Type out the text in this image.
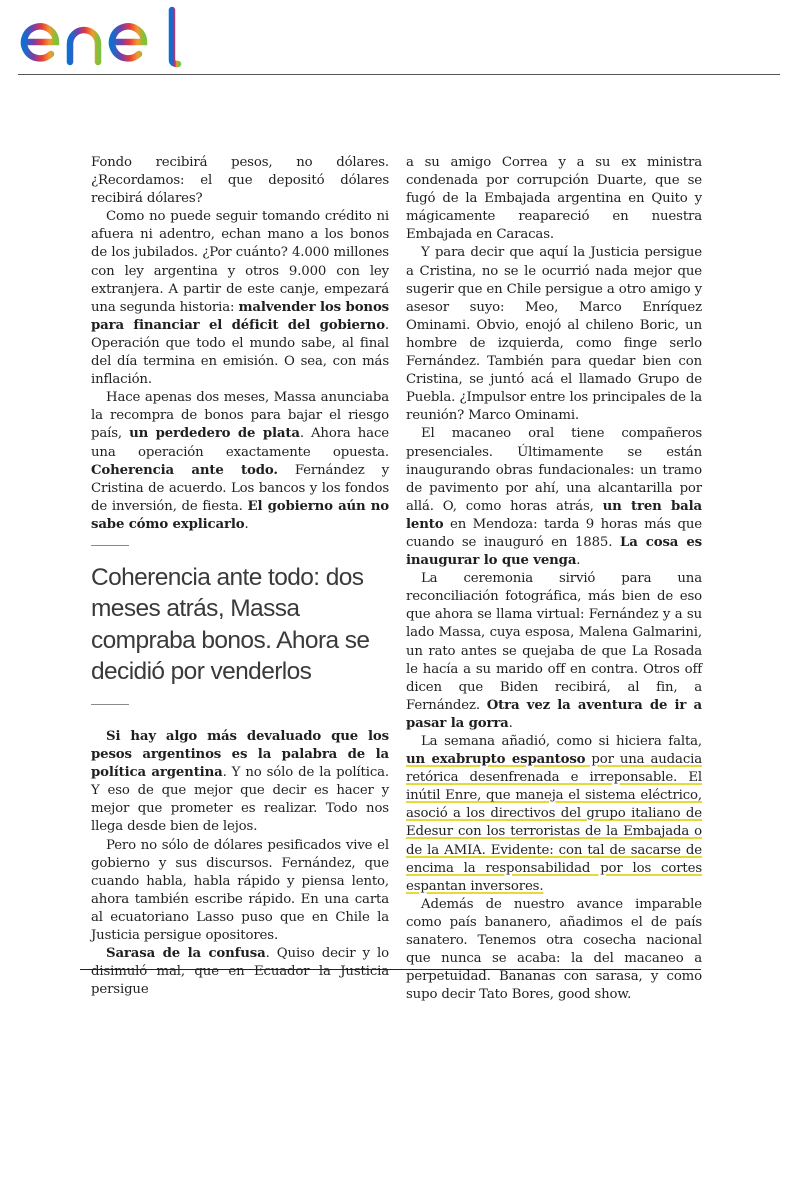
Fondo recibirá pesos, no dólares. ¿Recordamos: el que depositó dólares recibirá dólares?

Como no puede seguir tomando crédito ni afuera ni adentro, echan mano a los bonos de los jubilados. ¿Por cuánto? 4.000 millones con ley argentina y otros 9.000 con ley extranjera. A partir de este canje, empezará una segunda historia: malvender los bonos para financiar el déficit del gobierno. Operación que todo el mundo sabe, al final del día termina en emisión. O sea, con más inflación.

Hace apenas dos meses, Massa anunciaba la recompra de bonos para bajar el riesgo país, un perdedero de plata. Ahora hace una operación exactamente opuesta. Coherencia ante todo. Fernández y Cristina de acuerdo. Los bancos y los fondos de inversión, de fiesta. El gobierno aún no sabe cómo explicarlo.

Coherencia ante todo: dos meses atrás, Massa compraba bonos. Ahora se decidió por venderlos

Si hay algo más devaluado que los pesos argentinos es la palabra de la política argentina. Y no sólo de la política. Y eso de que mejor que decir es hacer y mejor que prometer es realizar. Todo nos llega desde bien de lejos.

Pero no sólo de dólares pesificados vive el gobierno y sus discursos. Fernández, que cuando habla, habla rápido y piensa lento, ahora también escribe rápido. En una carta al ecuatoriano Lasso puso que en Chile la Justicia persigue opositores.

Sarasa de la confusa. Quiso decir y lo disimuló mal, que en Ecuador la Justicia persigue

a su amigo Correa y a su ex ministra condenada por corrupción Duarte, que se fugó de la Embajada argentina en Quito y mágicamente reapareció en nuestra Embajada en Caracas.

Y para decir que aquí la Justicia persigue a Cristina, no se le ocurrió nada mejor que sugerir que en Chile persigue a otro amigo y asesor suyo: Meo, Marco Enríquez Ominami. Obvio, enojó al chileno Boric, un hombre de izquierda, como finge serlo Fernández. También para quedar bien con Cristina, se juntó acá el llamado Grupo de Puebla. ¿Impulsor entre los principales de la reunión? Marco Ominami.

El macaneo oral tiene compañeros presenciales. Últimamente se están inaugurando obras fundacionales: un tramo de pavimento por ahí, una alcantarilla por allá. O, como horas atrás, un tren bala lento en Mendoza: tarda 9 horas más que cuando se inauguró en 1885. La cosa es inaugurar lo que venga.

La ceremonia sirvió para una reconciliación fotográfica, más bien de eso que ahora se llama virtual: Fernández y a su lado Massa, cuya esposa, Malena Galmarini, un rato antes se quejaba de que La Rosada le hacía a su marido off en contra. Otros off dicen que Biden recibirá, al fin, a Fernández. Otra vez la aventura de ir a pasar la gorra.

La semana añadió, como si hiciera falta, un exabrupto espantoso por una audacia retórica desenfrenada e irreponsable. El inútil Enre, que maneja el sistema eléctrico, asoció a los directivos del grupo italiano de Edesur con los terroristas de la Embajada o de la AMIA. Evidente: con tal de sacarse de encima la responsabilidad por los cortes espantan inversores.

Además de nuestro avance imparable como país bananero, añadimos el de país sanatero. Tenemos otra cosecha nacional que nunca se acaba: la del macaneo a perpetuidad. Bananas con sarasa, y como supo decir Tato Bores, good show.
